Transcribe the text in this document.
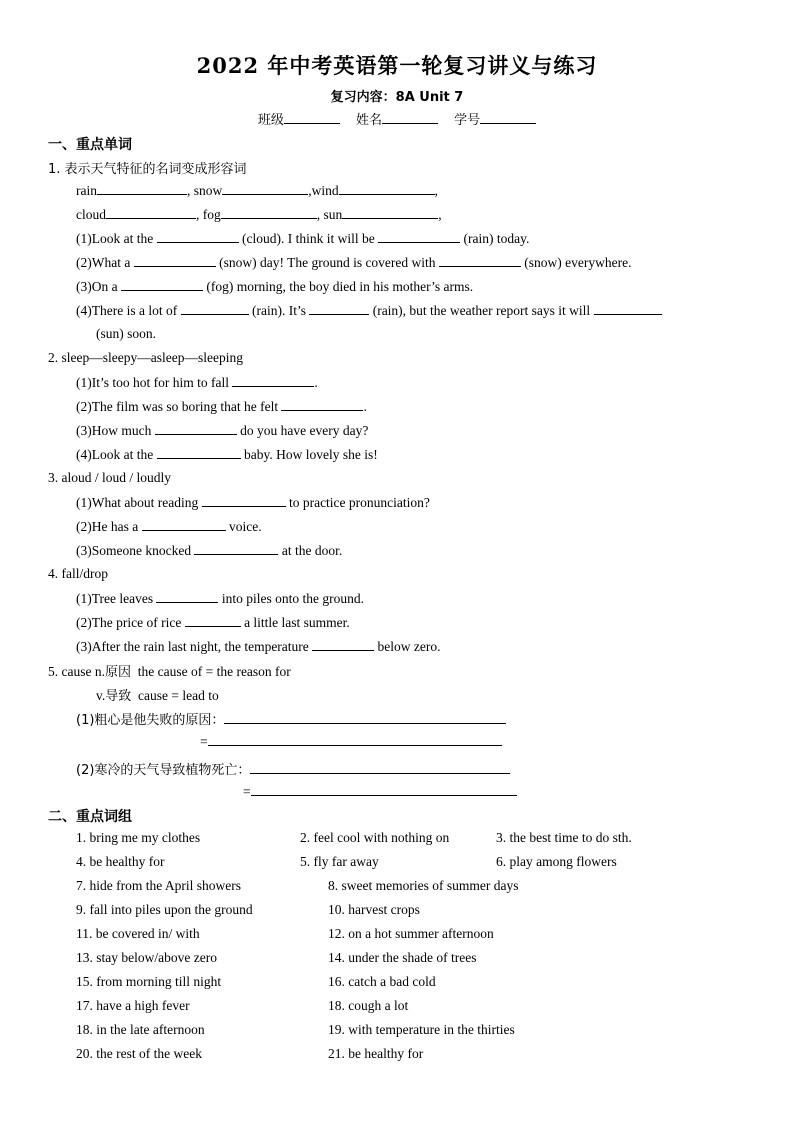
2022 年中考英语第一轮复习讲义与练习
复习内容：8A Unit 7
班级	姓名	学号
一、重点单词
1. 表示天气特征的名词变成形容词
rain	, snow	,wind	,
cloud	, fog	, sun	,
(1)Look at the	(cloud). I think it will be	(rain) today.
(2)What a	(snow) day! The ground is covered with	(snow) everywhere.
(3)On a	(fog) morning, the boy died in his mother’s arms.
(4)There is a lot of	(rain). It’s	(rain), but the weather report says it will
(sun) soon.
2. sleep—sleepy—asleep—sleeping
(1)It’s too hot for him to fall	.
(2)The film was so boring that he felt	.
(3)How much	do you have every day?
(4)Look at the	baby. How lovely she is!
3. aloud / loud / loudly
(1)What about reading	to practice pronunciation?
(2)He has a	voice.
(3)Someone knocked	at the door.
4. fall/drop
(1)Tree leaves	into piles onto the ground.
(2)The price of rice	a little last summer.
(3)After the rain last night, the temperature	below zero.
5. cause n.原因 the cause of = the reason for
v.导致 cause = lead to
(1)粗心是他失败的原因：
=
(2)寒冷的天气导致植物死亡：
=
二、重点词组
1. bring me my clothes	2. feel cool with nothing on	3. the best time to do sth.
4. be healthy for	5. fly far away	6. play among flowers
7. hide from the April showers	8. sweet memories of summer days
9. fall into piles upon the ground	10. harvest crops
11. be covered in/ with	12. on a hot summer afternoon
13. stay below/above zero	14. under the shade of trees
15. from morning till night	16. catch a bad cold
17. have a high fever	18. cough a lot
18. in the late afternoon	19. with temperature in the thirties
20. the rest of the week	21. be healthy for
